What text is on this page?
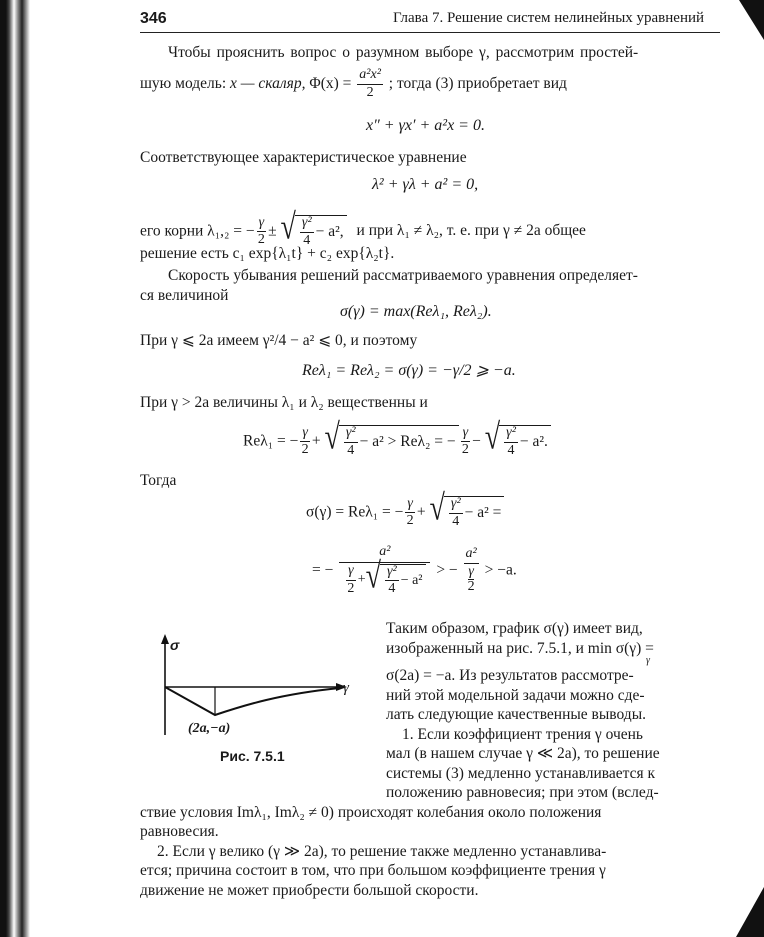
346	Глава 7. Решение систем нелинейных уравнений
Чтобы прояснить вопрос о разумном выборе γ, рассмотрим простей-
шую модель: x — скаляр, $\Phi(x) = \frac{\text{a²x²}}{2}$ ; тогда (3) приобретает вид
x″ + γx′ + a²x = 0.
Соответствующее характеристическое уравнение
λ² + γλ + a² = 0,
его корни λ₁,₂ = − $\frac{\gamma}{2}$ ± √ $\frac{\text{γ²}}{4} - a^2$, и при λ₁ ≠ λ₂, т. е. при γ ≠ 2a общее
решение есть c₁ exp{λ₁t} + c₂ exp{λ₂t}.
Скорость убывания решений рассматриваемого уравнения определяет-
ся величиной
σ(γ) = max(Reλ₁, Reλ₂).
При γ ⩽ 2a имеем γ²/4 − a² ⩽ 0, и поэтому
Reλ₁ = Reλ₂ = σ(γ) = −γ/2 ⩾ −a.
При γ > 2a величины λ₁ и λ₂ вещественны и
Reλ₁ = − $\frac{\gamma}{2}$ + √ $\frac{\text{γ²}}{4} - a^2 > Re\lambda_2$ = − $\frac{\gamma}{2}$ − √ $\frac{\text{γ²}}{4} - a^2$.
Тогда
σ(γ) = Reλ₁ = − $\frac{\gamma}{2}$ + √ $\frac{\text{γ²}}{4} - a^2$ =
= − $\frac{\text{a²}}{\frac{\gamma}{2} + √ \frac{\text{γ²}}{4} - a^2}$ > − a²
γ
2 > −a.
σ
γ
(2a,−a)
Рис. 7.5.1
Таким образом, график σ(γ) имеет вид,
изображенный на рис. 7.5.1, и min σ(γ) =
γ
σ(2a) = −a. Из результатов рассмотре-
ний этой модельной задачи можно сде-
лать следующие качественные выводы.
1. Если коэффициент трения γ очень
мал (в нашем случае γ ≪ 2a), то решение
системы (3) медленно устанавливается к
положению равновесия; при этом (вслед-
ствие условия Imλ₁, Imλ₂ ≠ 0) происходят колебания около положения
равновесия.
2. Если γ велико (γ ≫ 2a), то решение также медленно устанавлива-
ется; причина состоит в том, что при большом коэффициенте трения γ
движение не может приобрести большой скорости.
